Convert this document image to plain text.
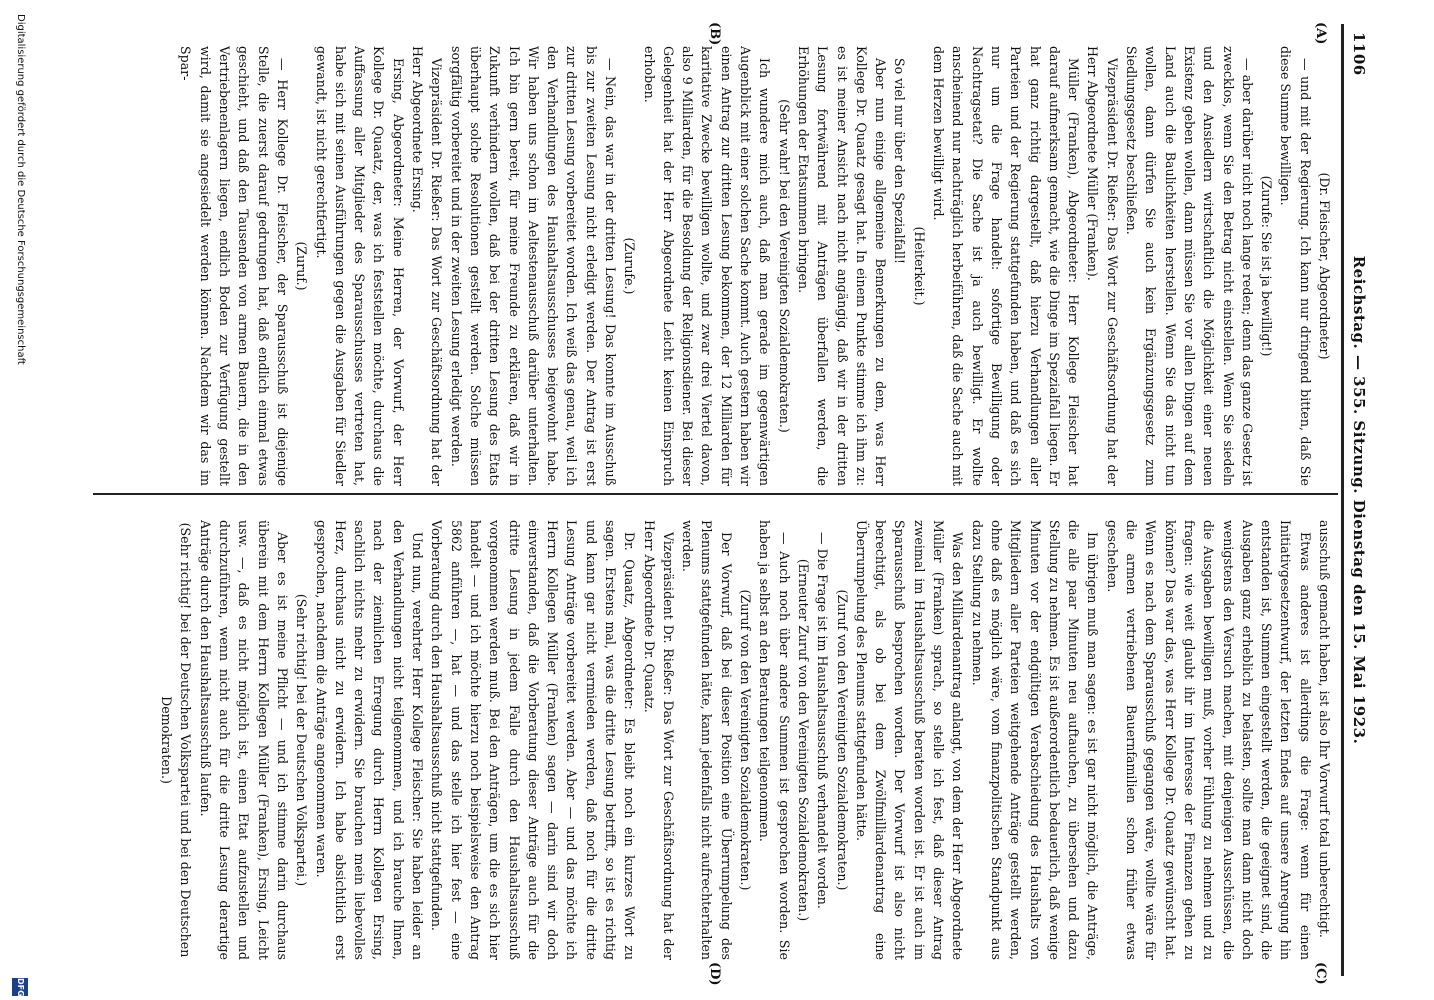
1106
Reichstag. — 355. Sitzung. Dienstag den 15. Mai 1923.
(A)
(B)
(C)
(D)

(Dr. Fleischer, Abgeordneter)

— und mit der Regierung. Ich kann nur dringend bitten, daß Sie diese Summe bewilligen.

(Zurufe: Sie ist ja bewilligt!)

— aber darüber nicht noch lange reden; denn das ganze Gesetz ist zwecklos, wenn Sie den Betrag nicht einstellen. Wenn Sie siedeln und den Ansiedlern wirtschaftlich die Möglichkeit einer neuen Existenz geben wollen, dann müssen Sie vor allen Dingen auf dem Land auch die Baulichkeiten herstellen. Wenn Sie das nicht tun wollen, dann dürfen Sie auch kein Ergänzungsgesetz zum Siedlungsgesetz beschließen.

Vizepräsident Dr. Rießer: Das Wort zur Geschäftsordnung hat der Herr Abgeordnete Müller (Franken).

Müller (Franken), Abgeordneter: Herr Kollege Fleischer hat darauf aufmerksam gemacht, wie die Dinge im Spezialfall liegen. Er hat ganz richtig dargestellt, daß hierzu Verhandlungen aller Parteien und der Regierung stattgefunden haben, und daß es sich nur um die Frage handelt: sofortige Bewilligung oder Nachtragsetat? Die Sache ist ja auch bewilligt. Er wollte anscheinend nur nachträglich herbeiführen, daß die Sache auch mit dem Herzen bewilligt wird.

(Heiterkeit.)

So viel nur über den Spezialfall!

Aber nun einige allgemeine Bemerkungen zu dem, was Herr Kollege Dr. Quaatz gesagt hat. In einem Punkte stimme ich ihm zu: es ist meiner Ansicht nach nicht angängig, daß wir in der dritten Lesung fortwährend mit Anträgen überfallen werden, die Erhöhungen der Etatsummen bringen.

(Sehr wahr! bei den Vereinigten Sozialdemokraten.)

Ich wundere mich auch, daß man gerade im gegenwärtigen Augenblick mit einer solchen Sache kommt. Auch gestern haben wir einen Antrag zur dritten Lesung bekommen, der 12 Milliarden für karitative Zwecke bewilligen wollte, und zwar drei Viertel davon, also 9 Milliarden, für die Besoldung der Religionsdiener. Bei dieser Gelegenheit hat der Herr Abgeordnete Leicht keinen Einspruch erhoben.

(Zurufe.)

— Nein, das war in der dritten Lesung! Das konnte im Ausschuß bis zur zweiten Lesung nicht erledigt werden. Der Antrag ist erst zur dritten Lesung vorbereitet worden. Ich weiß das genau, weil ich den Verhandlungen des Haushaltsausschusses beigewohnt habe. Wir haben uns schon im Aeltestenausschuß darüber unterhalten. Ich bin gern bereit, für meine Freunde zu erklären, daß wir in Zukunft verhindern wollen, daß bei der dritten Lesung des Etats überhaupt solche Resolutionen gestellt werden. Solche müssen sorgfältig vorbereitet und in der zweiten Lesung erledigt werden.

Vizepräsident Dr. Rießer: Das Wort zur Geschäftsordnung hat der Herr Abgeordnete Ersing.

Ersing, Abgeordneter: Meine Herren, der Vorwurf, der Herr Kollege Dr. Quaatz, der, was ich feststellen möchte, durchaus die Auffassung aller Mitglieder des Sparausschusses vertreten hat, habe sich mit seinen Ausführungen gegen die Ausgaben für Siedler gewandt, ist nicht gerechtfertigt.

(Zuruf.)

— Herr Kollege Dr. Fleischer, der Sparausschuß ist diejenige Stelle, die zuerst darauf gedrungen hat, daß endlich einmal etwas geschieht, und daß den Tausenden von armen Bauern, die in den Vertriebenenlagern liegen, endlich Boden zur Verfügung gestellt wird, damit sie angesiedelt werden können. Nachdem wir das im Spar-

ausschuß gemacht haben, ist also Ihr Vorwurf total unberechtigt.

Etwas anderes ist allerdings die Frage: wenn für einen Initiativgesetzentwurf, der letzten Endes auf unsere Anregung hin entstanden ist, Summen eingestellt werden, die geeignet sind, die Ausgaben ganz erheblich zu belasten, sollte man dann nicht doch wenigstens den Versuch machen, mit denjenigen Ausschüssen, die die Ausgaben bewilligen muß, vorher Fühlung zu nehmen und zu fragen: wie weit glaubt ihr im Interesse der Finanzen gehen zu können? Das war das, was Herr Kollege Dr. Quaatz gewünscht hat. Wenn es nach dem Sparausschuß gegangen wäre, wollte wäre für die armen vertriebenen Bauernfamilien schon früher etwas geschehen.

Im übrigen muß man sagen: es ist gar nicht möglich, die Anträge, die alle paar Minuten neu auftauchen, zu übersehen und dazu Stellung zu nehmen. Es ist außerordentlich bedauerlich, daß wenige Minuten vor der endgültigen Verabschiedung des Haushalts von Mitgliedern aller Parteien weitgehende Anträge gestellt werden, ohne daß es möglich wäre, vom finanzpolitischen Standpunkt aus dazu Stellung zu nehmen.

Was den Milliardenantrag anlangt, von dem der Herr Abgeordnete Müller (Franken) sprach, so stelle ich fest, daß dieser Antrag zweimal im Haushaltsausschuß beraten worden ist. Er ist auch im Sparausschuß besprochen worden. Der Vorwurf ist also nicht berechtigt, als ob bei dem Zwölfmilliardenantrag eine Überrumpelung des Plenums stattgefunden hätte.

(Zuruf von den Vereinigten Sozialdemokraten.)

— Die Frage ist im Haushaltsausschuß verhandelt worden.

(Erneuter Zuruf von den Vereinigten Sozialdemokraten.)

— Auch noch über andere Summen ist gesprochen worden. Sie haben ja selbst an den Beratungen teilgenommen.

(Zuruf von den Vereinigten Sozialdemokraten.)

Der Vorwurf, daß bei dieser Position eine Überrumpelung des Plenums stattgefunden hätte, kann jedenfalls nicht aufrechterhalten werden.

Vizepräsident Dr. Rießer: Das Wort zur Geschäftsordnung hat der Herr Abgeordnete Dr. Quaatz.

Dr. Quaatz, Abgeordneter: Es bleibt noch ein kurzes Wort zu sagen. Erstens mal, was die dritte Lesung betrifft, so ist es richtig und kann gar nicht vermieden werden, daß noch für die dritte Lesung Anträge vorbereitet werden. Aber — und das möchte ich Herrn Kollegen Müller (Franken) sagen — darin sind wir doch einverstanden, daß die Vorberatung dieser Anträge auch für die dritte Lesung in jedem Falle durch den Haushaltsausschuß vorgenommen werden muß. Bei den Anträgen, um die es sich hier handelt — und ich möchte hierzu noch beispielsweise den Antrag 5862 anführen —, hat — und das stelle ich hier fest — eine Vorberatung durch den Haushaltsausschuß nicht stattgefunden.

Und nun, verehrter Herr Kollege Fleischer: Sie haben leider an den Verhandlungen nicht teilgenommen, und ich brauche Ihnen, nach der ziemlichen Erregung durch Herrn Kollegen Ersing, sachlich nichts mehr zu erwidern. Sie brauchen mein liebevolles Herz, durchaus nicht zu erwidern. Ich habe absichtlich erst gesprochen, nachdem die Anträge angenommen waren.

(Sehr richtig! bei der Deutschen Volkspartei.)

Aber es ist meine Pflicht — und ich stimme darin durchaus überein mit dem Herrn Kollegen Müller (Franken), Ersing, Leicht usw. —, daß es nicht möglich ist, einen Etat aufzustellen und durchzuführen, wenn nicht auch für die dritte Lesung derartige Anträge durch den Haushaltsausschuß laufen.

(Sehr richtig! bei der Deutschen Volkspartei und bei den Deutschen Demokraten.)

Digitalisierung gefördert durch die Deutsche Forschungsgemeinschaft
DFG
